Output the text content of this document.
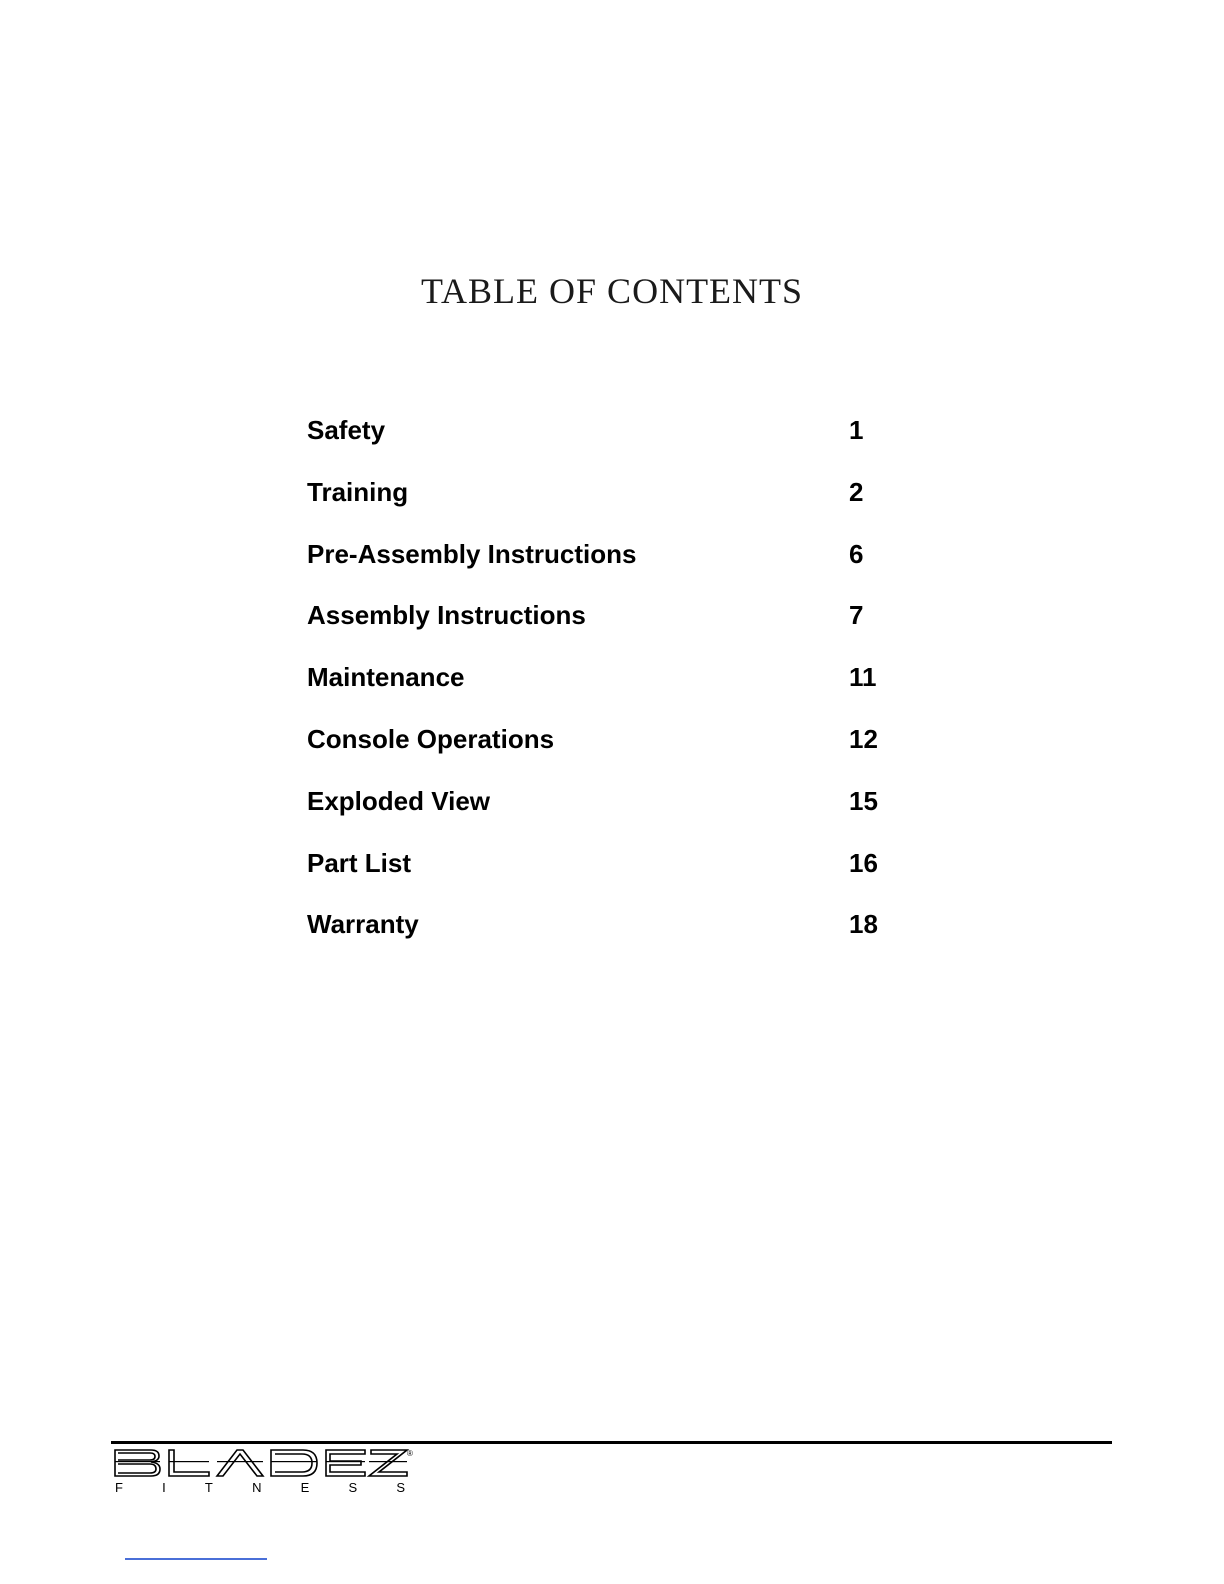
TABLE OF CONTENTS
Safety	1
Training	2
Pre-Assembly Instructions	6
Assembly Instructions	7
Maintenance	11
Console Operations	12
Exploded View	15
Part List	16
Warranty	18
®
FITNESS
BLADEZ
